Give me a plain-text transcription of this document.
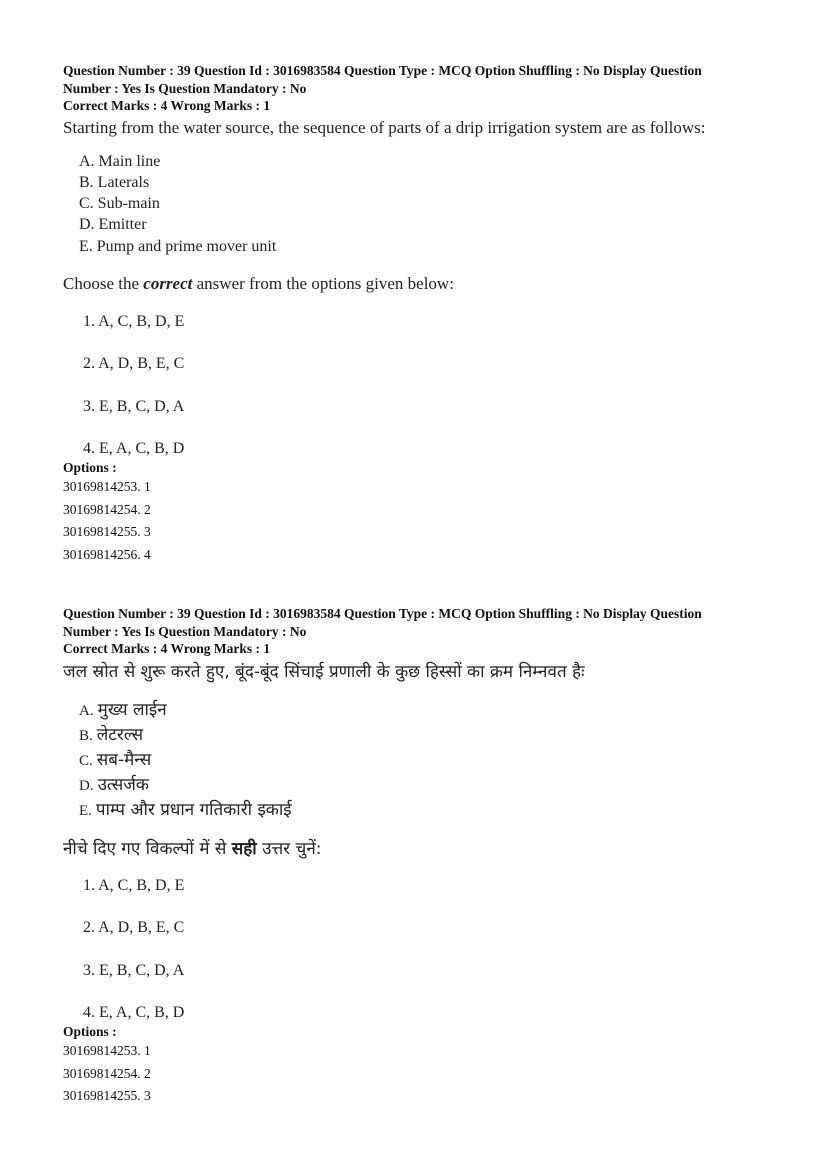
Question Number : 39 Question Id : 3016983584 Question Type : MCQ Option Shuffling : No Display Question
Number : Yes Is Question Mandatory : No
Correct Marks : 4 Wrong Marks : 1
Starting from the water source, the sequence of parts of a drip irrigation system are as follows:
A. Main line
B. Laterals
C. Sub-main
D. Emitter
E. Pump and prime mover unit
Choose the correct answer from the options given below:
1. A, C, B, D, E
2. A, D, B, E, C
3. E, B, C, D, A
4. E, A, C, B, D
Options :
30169814253. 1
30169814254. 2
30169814255. 3
30169814256. 4
Question Number : 39 Question Id : 3016983584 Question Type : MCQ Option Shuffling : No Display Question
Number : Yes Is Question Mandatory : No
Correct Marks : 4 Wrong Marks : 1
जल स्रोत से शुरू करते हुए, बूंद-बूंद सिंचाई प्रणाली के कुछ हिस्सों का क्रम निम्नवत हैः
A. मुख्य लाईन
B. लेटरल्स
C. सब-मैन्स
D. उत्सर्जक
E. पाम्प और प्रधान गतिकारी इकाई
नीचे दिए गए विकल्पों में से सही उत्तर चुनें:
1. A, C, B, D, E
2. A, D, B, E, C
3. E, B, C, D, A
4. E, A, C, B, D
Options :
30169814253. 1
30169814254. 2
30169814255. 3
